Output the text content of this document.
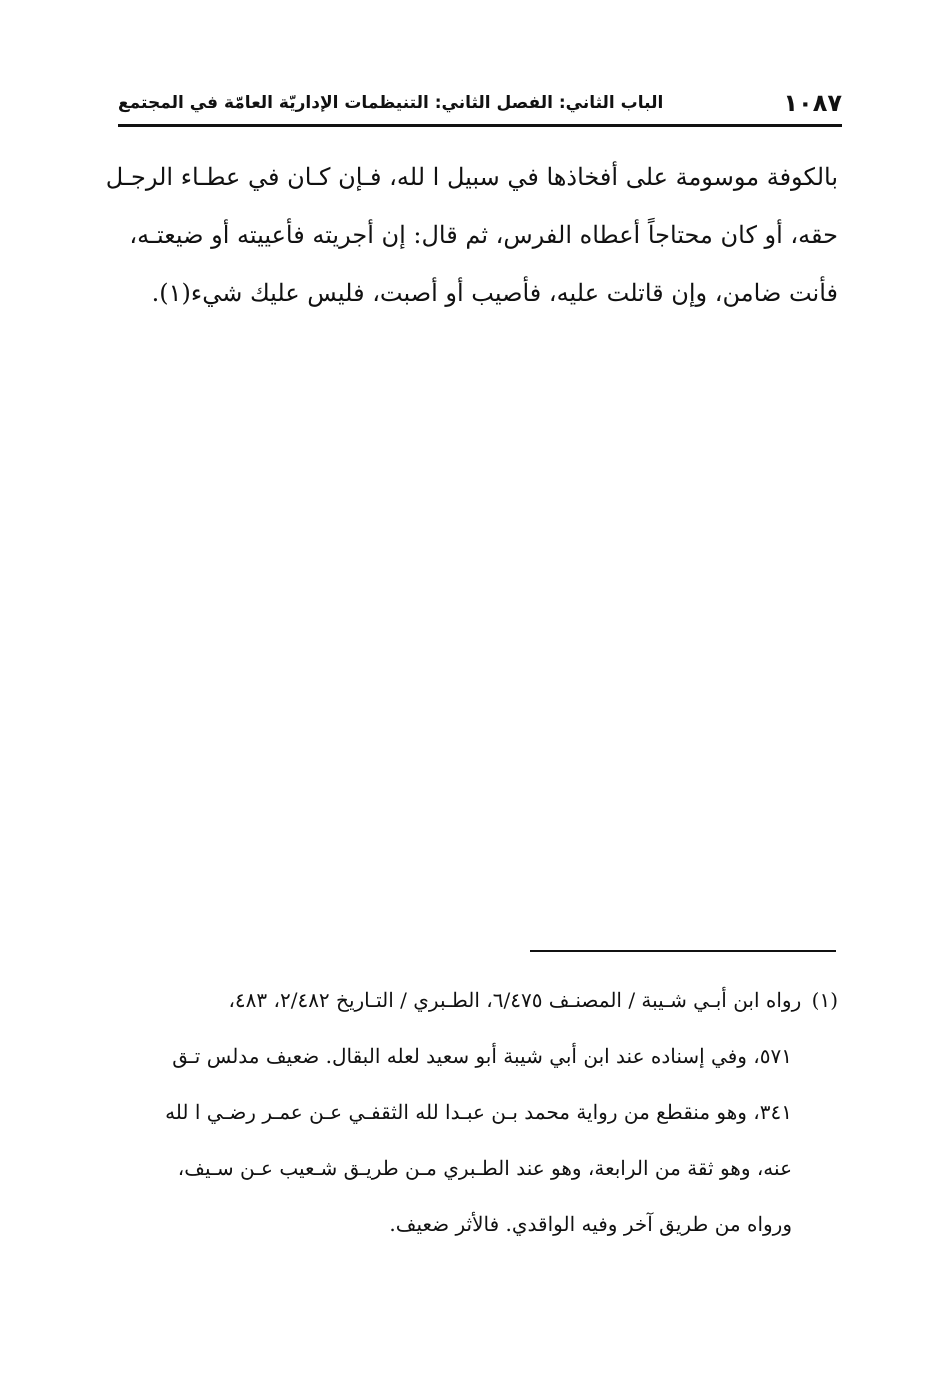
١٠٨٧
الباب الثاني: الفصل الثاني: التنيظمات الإداريّة العامّة في المجتمع
بالكوفة موسومة على أفخاذها في سبيل ا لله، فـإن كـان في عطـاء الرجـل
حقه، أو كان محتاجاً أعطاه الفرس، ثم قال: إن أجريته فأعييته أو ضيعتـه،
فأنت ضامن، وإن قاتلت عليه، فأصيب أو أصبت، فليس عليك شيء(١).
(١) رواه ابن أبـي شـيبة / المصنـف ٦/٤٧٥، الطـبري / التـاريخ ٢/٤٨٢، ٤٨٣،
٥٧١، وفي إسناده عند ابن أبي شيبة أبو سعيد لعله البقال. ضعيف مدلس تـق
٣٤١، وهو منقطع من رواية محمد بـن عبـدا لله الثقفـي عـن عمـر رضـي ا لله
عنه، وهو ثقة من الرابعة، وهو عند الطـبري مـن طريـق شـعيب عـن سـيف،
ورواه من طريق آخر وفيه الواقدي. فالأثر ضعيف.
